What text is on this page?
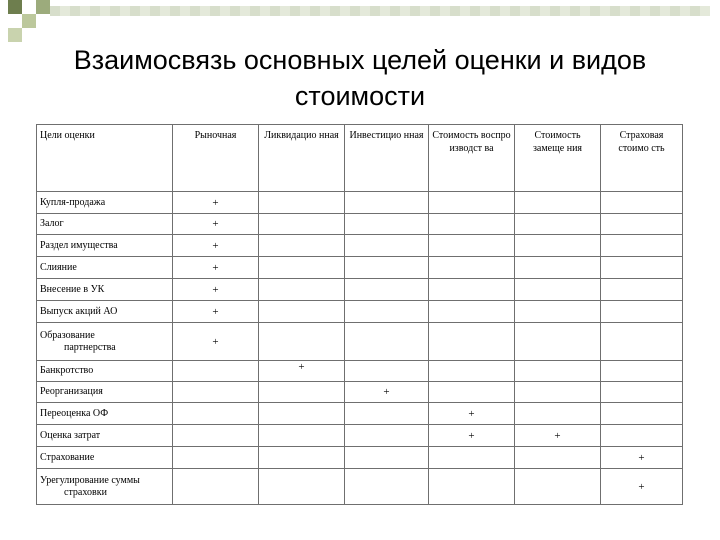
Взаимосвязь основных целей оценки и видов стоимости
Цели оценки	Рыночная	Ликвидацио нная	Инвестицио нная	Стоимость воспро изводст ва	Стоимость замеще ния	Страховая стоимо сть
Купля-продажа	+					
Залог	+					
Раздел имущества	+					
Слияние	+					
Внесение в УК	+					
Выпуск акций АО	+					
Образование
партнерства	+					
Банкротство		+				
Реорганизация			+			
Переоценка ОФ				+		
Оценка затрат				+	+	
Страхование						+
Урегулирование суммы
страховки						+
